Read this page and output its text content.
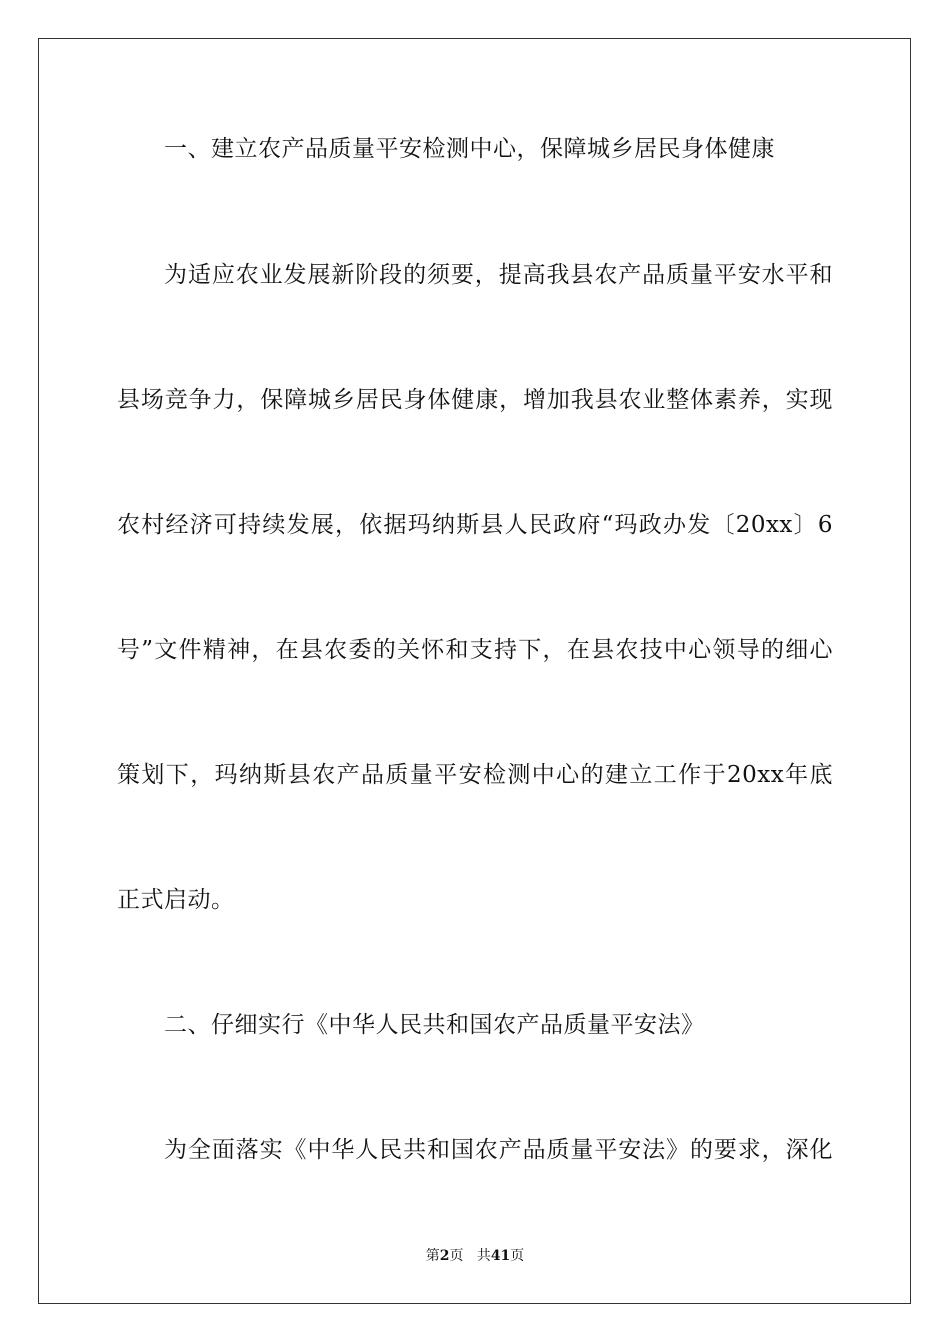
一、建立农产品质量平安检测中心，保障城乡居民身体健康
为适应农业发展新阶段的须要，提高我县农产品质量平安水平和
县场竞争力，保障城乡居民身体健康，增加我县农业整体素养，实现
农村经济可持续发展，依据玛纳斯县人民政府“玛政办发〔20xx〕6
号”文件精神，在县农委的关怀和支持下，在县农技中心领导的细心
策划下，玛纳斯县农产品质量平安检测中心的建立工作于20xx年底
正式启动。
二、仔细实行《中华人民共和国农产品质量平安法》
为全面落实《中华人民共和国农产品质量平安法》的要求，深化
第2页 共41页
